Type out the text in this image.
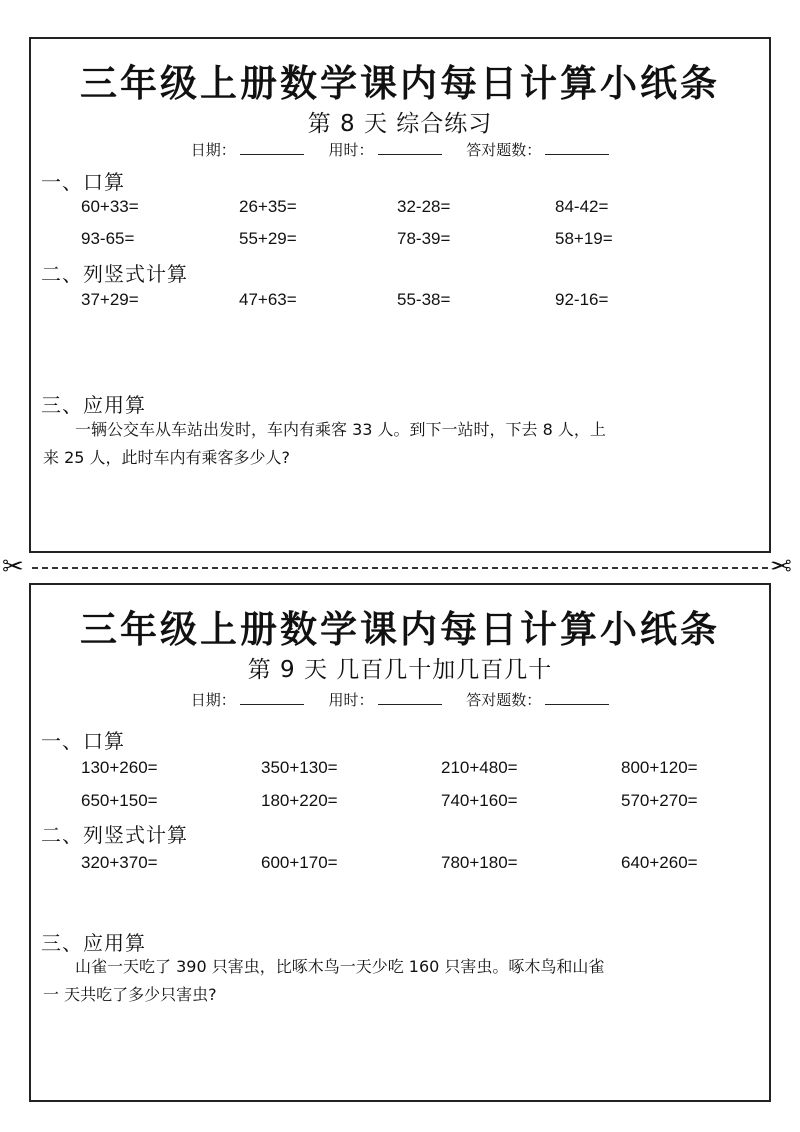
三年级上册数学课内每日计算小纸条
第 8 天 综合练习
日期：	用时：	答对题数：
一、口算
60+33=	26+35=	32-28=	84-42=
93-65=	55+29=	78-39=	58+19=
二、列竖式计算
37+29=	47+63=	55-38=	92-16=
三、应用算
一辆公交车从车站出发时，车内有乘客 33 人。到下一站时，下去 8 人，上
来 25 人，此时车内有乘客多少人?
✂	✂
三年级上册数学课内每日计算小纸条
第 9 天 几百几十加几百几十
日期：	用时：	答对题数：
一、口算
130+260=	350+130=	210+480=	800+120=
650+150=	180+220=	740+160=	570+270=
二、列竖式计算
320+370=	600+170=	780+180=	640+260=
三、应用算
山雀一天吃了 390 只害虫，比啄木鸟一天少吃 160 只害虫。啄木鸟和山雀
一 天共吃了多少只害虫?
